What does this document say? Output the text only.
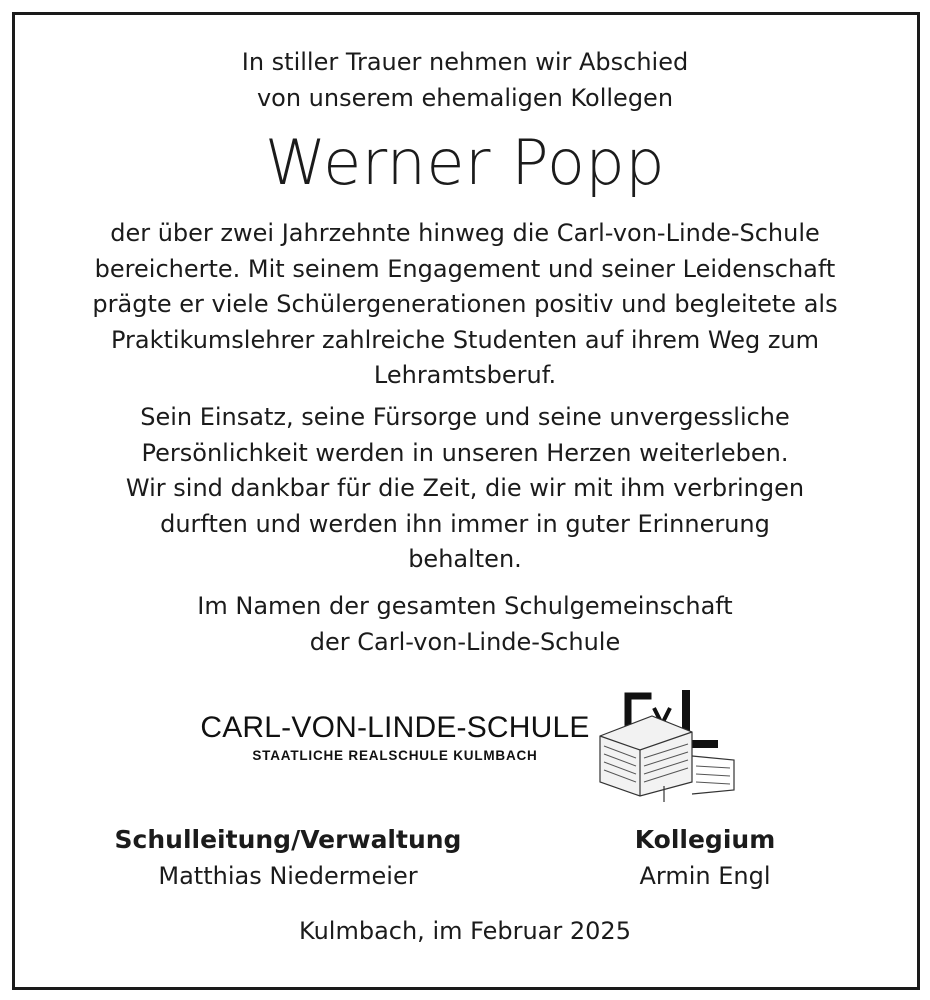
In stiller Trauer nehmen wir Abschied
von unserem ehemaligen Kollegen
Werner Popp
der über zwei Jahrzehnte hinweg die Carl-von-Linde-Schule
bereicherte. Mit seinem Engagement und seiner Leidenschaft
prägte er viele Schülergenerationen positiv und begleitete als
Praktikumslehrer zahlreiche Studenten auf ihrem Weg zum
Lehramtsberuf.
Sein Einsatz, seine Fürsorge und seine unvergessliche
Persönlichkeit werden in unseren Herzen weiterleben.
Wir sind dankbar für die Zeit, die wir mit ihm verbringen
durften und werden ihn immer in guter Erinnerung
behalten.
Im Namen der gesamten Schulgemeinschaft
der Carl-von-Linde-Schule
CARL-VON-LINDE-SCHULE
STAATLICHE REALSCHULE KULMBACH
Schulleitung/Verwaltung
Matthias Niedermeier
Kollegium
Armin Engl
Kulmbach, im Februar 2025
